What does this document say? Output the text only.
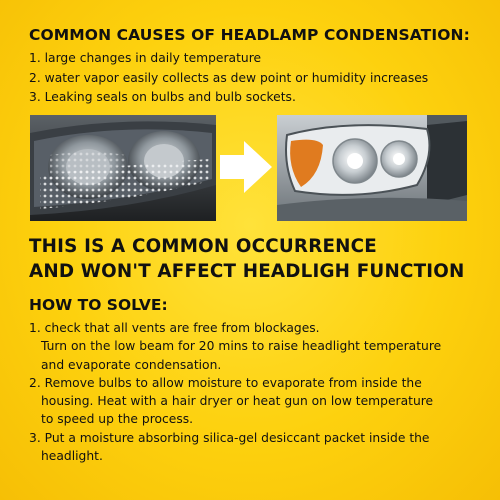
COMMON CAUSES OF HEADLAMP CONDENSATION:
1. large changes in daily temperature
2. water vapor easily collects as dew point or humidity increases
3. Leaking seals on bulbs and bulb sockets.
THIS IS A COMMON OCCURRENCE
AND WON'T AFFECT HEADLIGH FUNCTION
HOW TO SOLVE:
1. check that all vents are free from blockages.
Turn on the low beam for 20 mins to raise headlight temperature
and evaporate condensation.
2. Remove bulbs to allow moisture to evaporate from inside the
housing. Heat with a hair dryer or heat gun on low temperature
to speed up the process.
3. Put a moisture absorbing silica-gel desiccant packet inside the
headlight.
